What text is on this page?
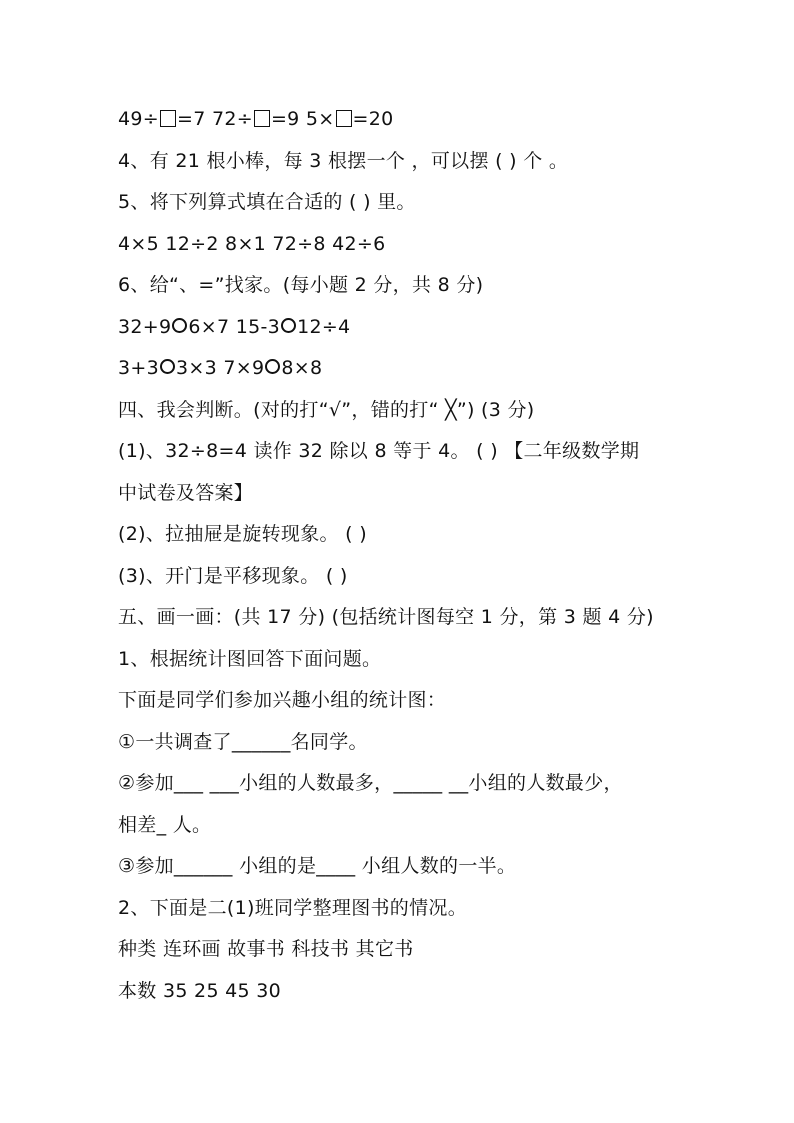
49÷ =7 72÷ =9 5× =20
4、有 21 根小棒，每 3 根摆一个 ，可以摆 ( ) 个 。
5、将下列算式填在合适的 ( ) 里。
4×5 12÷2 8×1 72÷8 42÷6
6、给“、=”找家。(每小题 2 分，共 8 分)
32+9 6×7 15-3 12÷4
3+3 3×3 7×9 8×8
四、我会判断。(对的打“√”，错的打“ ╳”) (3 分)
(1)、32÷8=4 读作 32 除以 8 等于 4。 ( ) 【二年级数学期
中试卷及答案】
(2)、拉抽屉是旋转现象。 ( )
(3)、开门是平移现象。 ( )
五、画一画：(共 17 分) (包括统计图每空 1 分，第 3 题 4 分)
1、根据统计图回答下面问题。
下面是同学们参加兴趣小组的统计图：
①一共调查了______名同学。
②参加___ ___小组的人数最多，_____ __小组的人数最少，
相差_ 人。
③参加______ 小组的是____ 小组人数的一半。
2、下面是二(1)班同学整理图书的情况。
种类 连环画 故事书 科技书 其它书
本数 35 25 45 30
